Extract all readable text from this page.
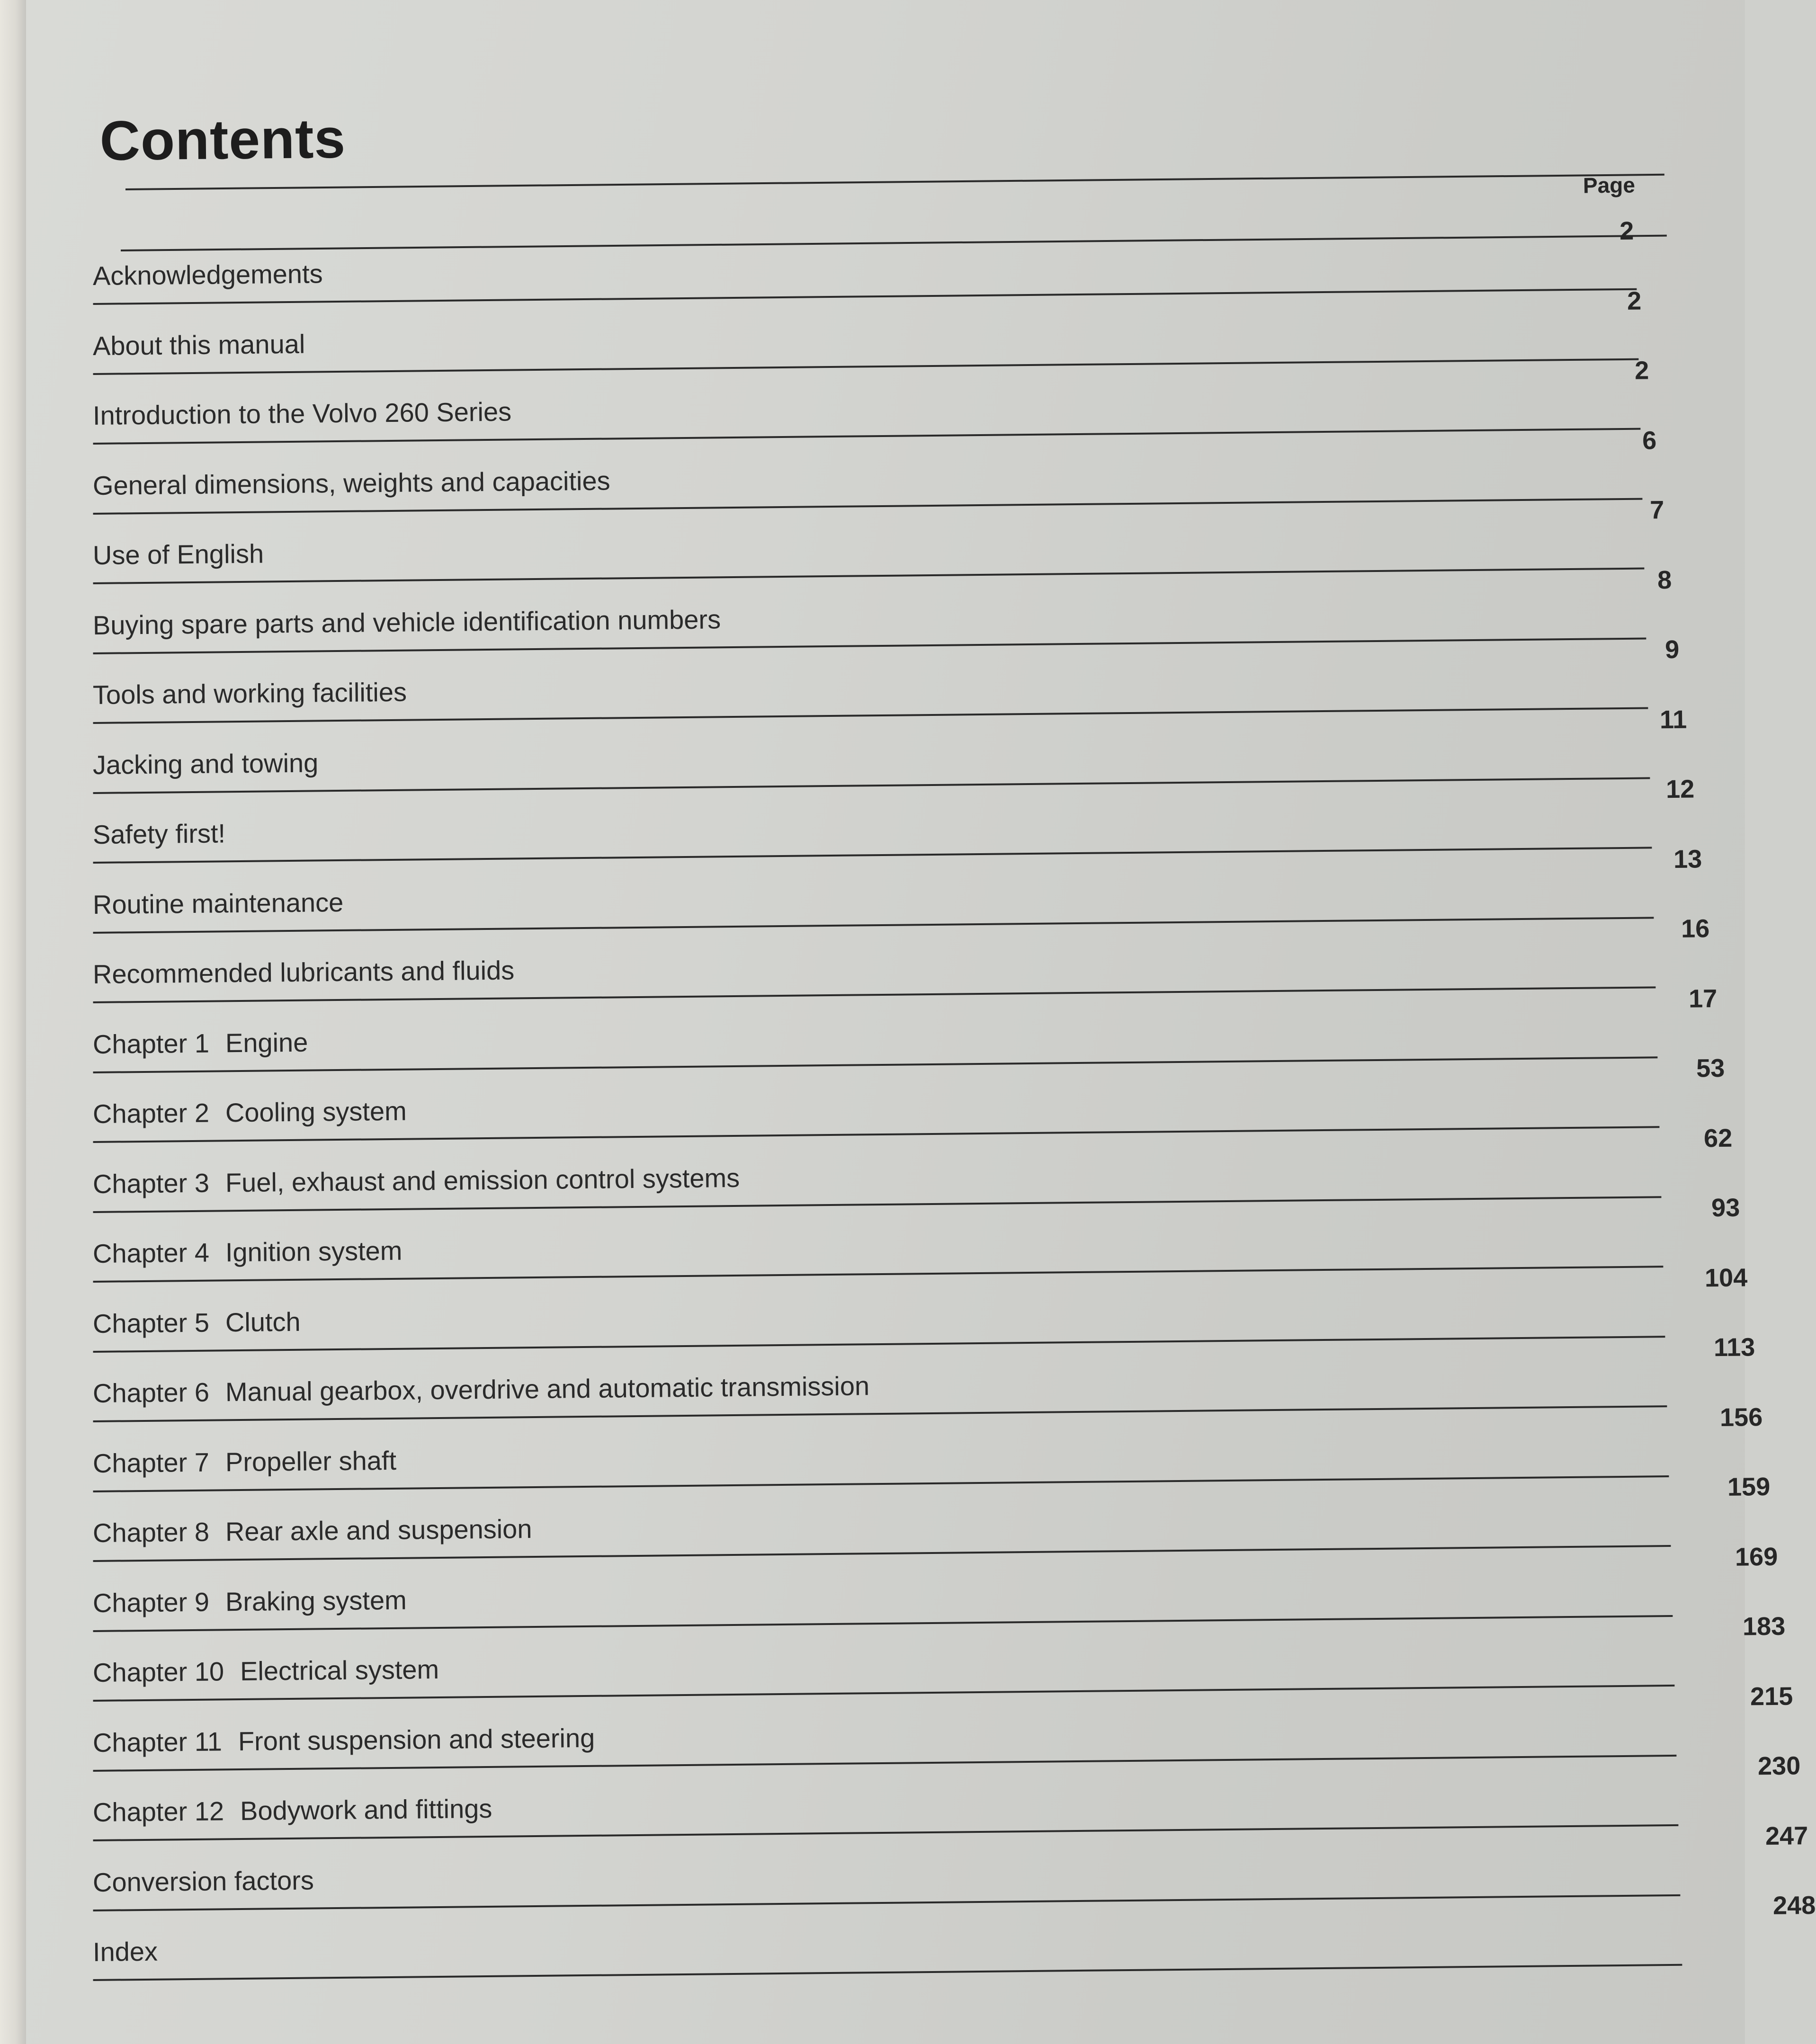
Contents
Page
2
Acknowledgements
2
About this manual
2
Introduction to the Volvo 260 Series
6
General dimensions, weights and capacities
7
Use of English
8
Buying spare parts and vehicle identification numbers
9
Tools and working facilities
11
Jacking and towing
12
Safety first!
13
Routine maintenance
16
Recommended lubricants and fluids
17
Chapter 1 Engine
53
Chapter 2 Cooling system
62
Chapter 3 Fuel, exhaust and emission control systems
93
Chapter 4 Ignition system
104
Chapter 5 Clutch
113
Chapter 6 Manual gearbox, overdrive and automatic transmission
156
Chapter 7 Propeller shaft
159
Chapter 8 Rear axle and suspension
169
Chapter 9 Braking system
183
Chapter 10 Electrical system
215
Chapter 11 Front suspension and steering
230
Chapter 12 Bodywork and fittings
247
Conversion factors
248
Index
